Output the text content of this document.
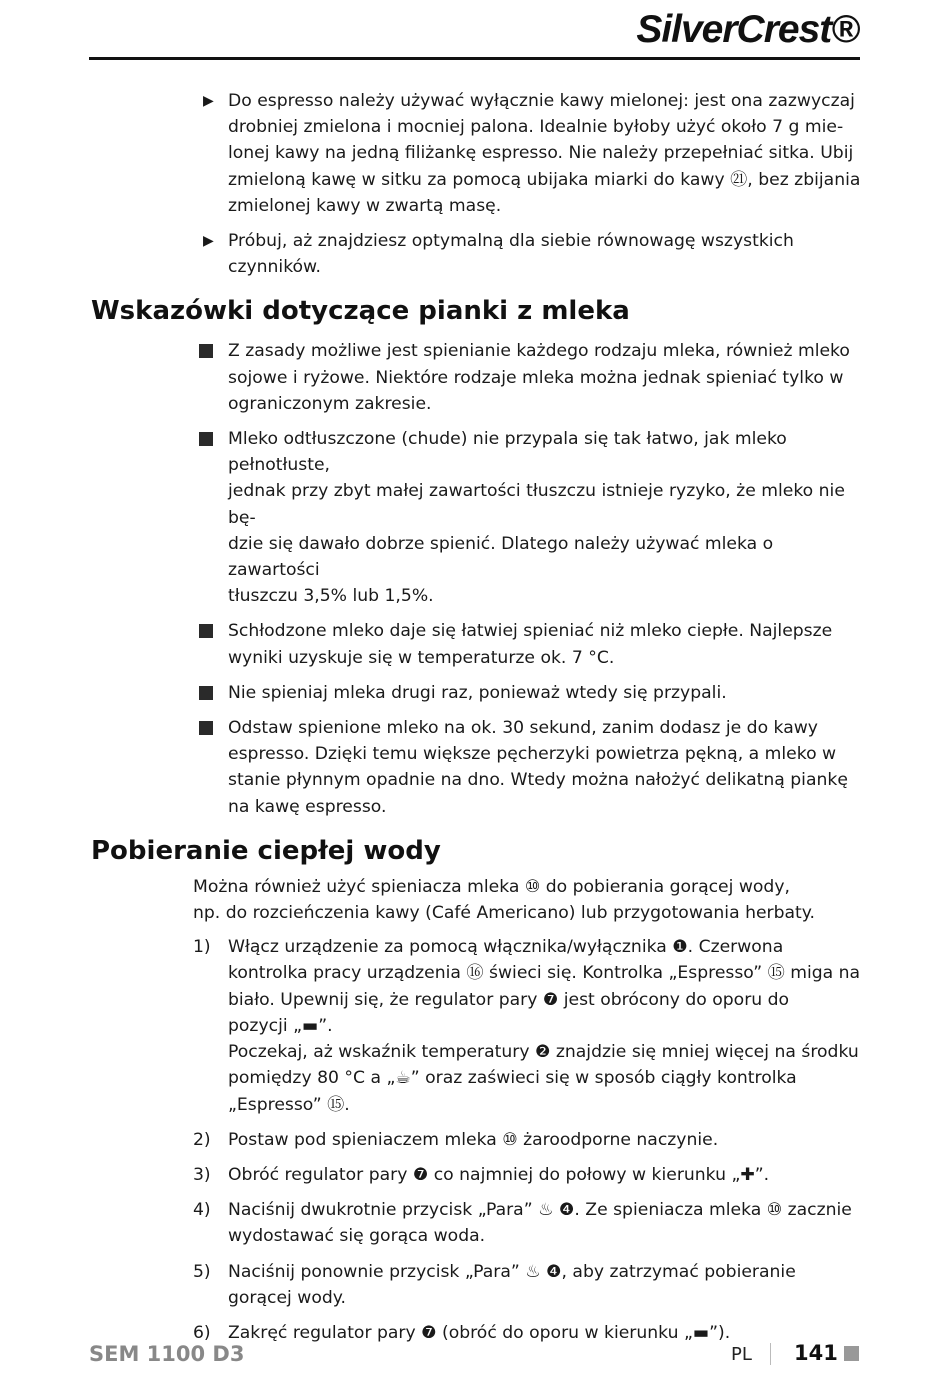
SilverCrest®
▶ Do espresso należy używać wyłącznie kawy mielonej: jest ona zazwyczaj
drobniej zmielona i mocniej palona. Idealnie byłoby użyć około 7 g mie-
lonej kawy na jedną filiżankę espresso. Nie należy przepełniać sitka. Ubij
zmieloną kawę w sitku za pomocą ubijaka miarki do kawy ㉑, bez zbijania
zmielonej kawy w zwartą masę.
▶ Próbuj, aż znajdziesz optymalną dla siebie równowagę wszystkich czynników.
Wskazówki dotyczące pianki z mleka
Z zasady możliwe jest spienianie każdego rodzaju mleka, również mleko
sojowe i ryżowe. Niektóre rodzaje mleka można jednak spieniać tylko w
ograniczonym zakresie.
Mleko odtłuszczone (chude) nie przypala się tak łatwo, jak mleko pełnotłuste,
jednak przy zbyt małej zawartości tłuszczu istnieje ryzyko, że mleko nie bę-
dzie się dawało dobrze spienić. Dlatego należy używać mleka o zawartości
tłuszczu 3,5% lub 1,5%.
Schłodzone mleko daje się łatwiej spieniać niż mleko ciepłe. Najlepsze
wyniki uzyskuje się w temperaturze ok. 7 °C.
Nie spieniaj mleka drugi raz, ponieważ wtedy się przypali.
Odstaw spienione mleko na ok. 30 sekund, zanim dodasz je do kawy
espresso. Dzięki temu większe pęcherzyki powietrza pękną, a mleko w
stanie płynnym opadnie na dno. Wtedy można nałożyć delikatną piankę
na kawę espresso.
Pobieranie ciepłej wody
Można również użyć spieniacza mleka ⑩ do pobierania gorącej wody,
np. do rozcieńczenia kawy (Café Americano) lub przygotowania herbaty.
1) Włącz urządzenie za pomocą włącznika/wyłącznika ❶. Czerwona
kontrolka pracy urządzenia ⑯ świeci się. Kontrolka „Espresso” ⑮ miga na
biało. Upewnij się, że regulator pary ❼ jest obrócony do oporu do
pozycji „▬”.
Poczekaj, aż wskaźnik temperatury ❷ znajdzie się mniej więcej na środku
pomiędzy 80 °C a „☕” oraz zaświeci się w sposób ciągły kontrolka
„Espresso” ⑮.
2) Postaw pod spieniaczem mleka ⑩ żaroodporne naczynie.
3) Obróć regulator pary ❼ co najmniej do połowy w kierunku „✚”.
4) Naciśnij dwukrotnie przycisk „Para” ♨ ❹. Ze spieniacza mleka ⑩ zacznie
wydostawać się gorąca woda.
5) Naciśnij ponownie przycisk „Para” ♨ ❹, aby zatrzymać pobieranie
gorącej wody.
6) Zakręć regulator pary ❼ (obróć do oporu w kierunku „▬”).
SEM 1100 D3	PL 141
